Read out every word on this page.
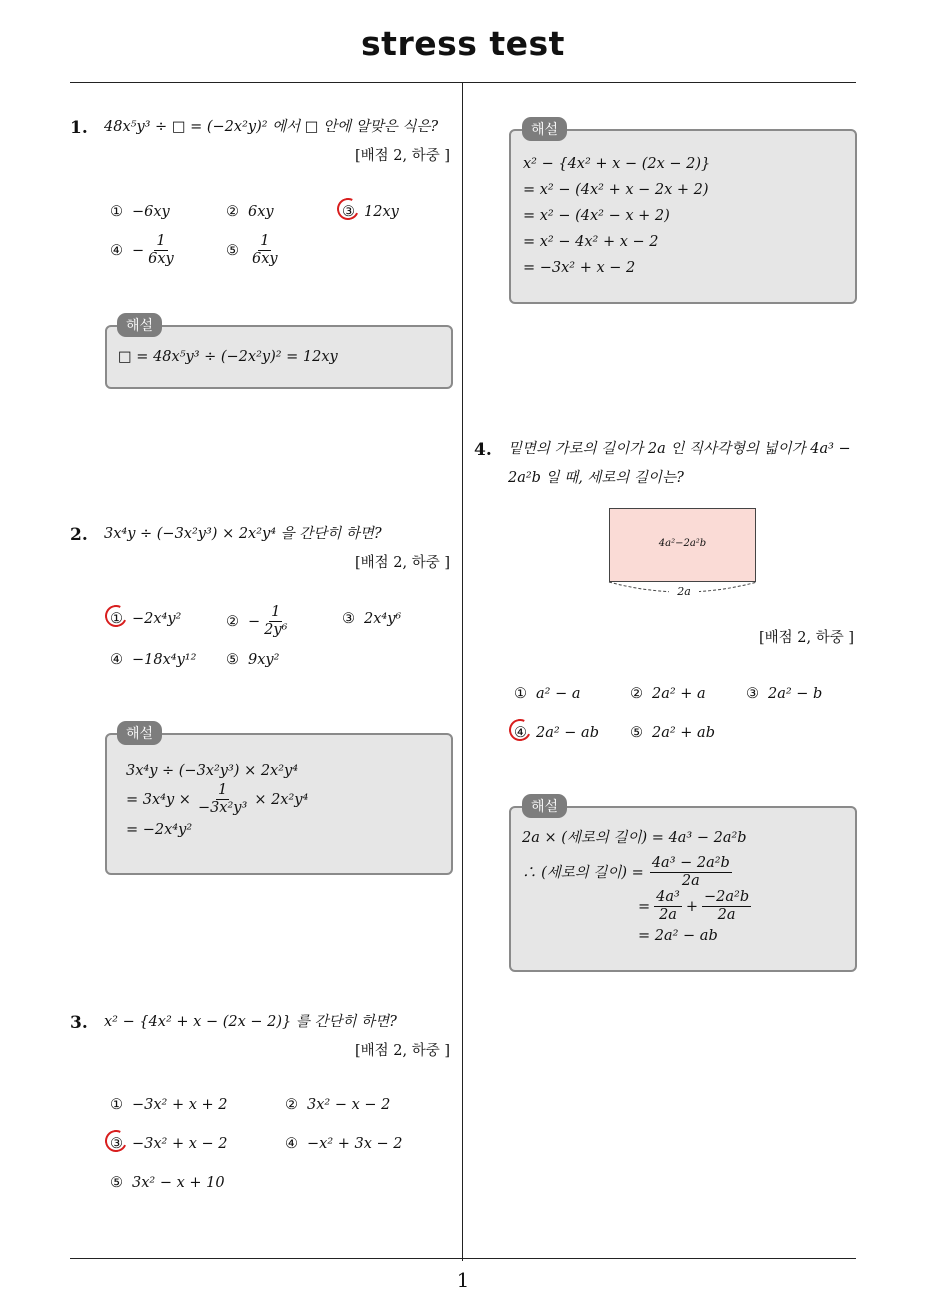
stress test
1
1. 48x⁵y³ ÷ □ = (−2x²y)² 에서 □ 안에 알맞은 식은?
[배점 2, 하중 ]
① −6xy	② 6xy	③ 12xy
④ − $\frac{1}{6xy}$	⑤ $\frac{1}{6xy}$
해설
□ = 48x⁵y³ ÷ (−2x²y)² = 12xy
2. 3x⁴y ÷ (−3x²y³) × 2x²y⁴ 을 간단히 하면?
[배점 2, 하중 ]
① −2x⁴y²	② − $\frac{1}{\text{2y⁶}}$	③ 2x⁴y⁶
④ −18x⁴y¹² ⑤ 9xy²
해설
3x⁴y ÷ (−3x²y³) × 2x²y⁴
= $3x^4y \times \frac{1}{\text{−3x²y³}} \times 2x^2y^4$
= −2x⁴y²
3. x² − {4x² + x − (2x − 2)} 를 간단히 하면?
[배점 2, 하중 ]
① −3x² + x + 2	② 3x² − x − 2
③ −3x² + x − 2	④ −x² + 3x − 2
⑤ 3x² − x + 10
해설
x² − {4x² + x − (2x − 2)}
= x² − (4x² + x − 2x + 2)
= x² − (4x² − x + 2)
= x² − 4x² + x − 2
= −3x² + x − 2
4. 밑면의 가로의 길이가 2a 인 직사각형의 넓이가 4a³ −
2a²b 일 때, 세로의 길이는?
4a²−2a²b
2a
[배점 2, 하중 ]
① a² − a	② 2a² + a	③ 2a² − b
④ 2a² − ab ⑤ 2a² + ab
해설
2a × (세로의 길이) = 4a³ − 2a²b
∴ (세로의 길이) = $\frac{\text{4a³ − 2a²b}}{2a}$
= $\frac{\text{4a³}}{2a} + \frac{\text{−2a²b}}{2a}$
= 2a² − ab
